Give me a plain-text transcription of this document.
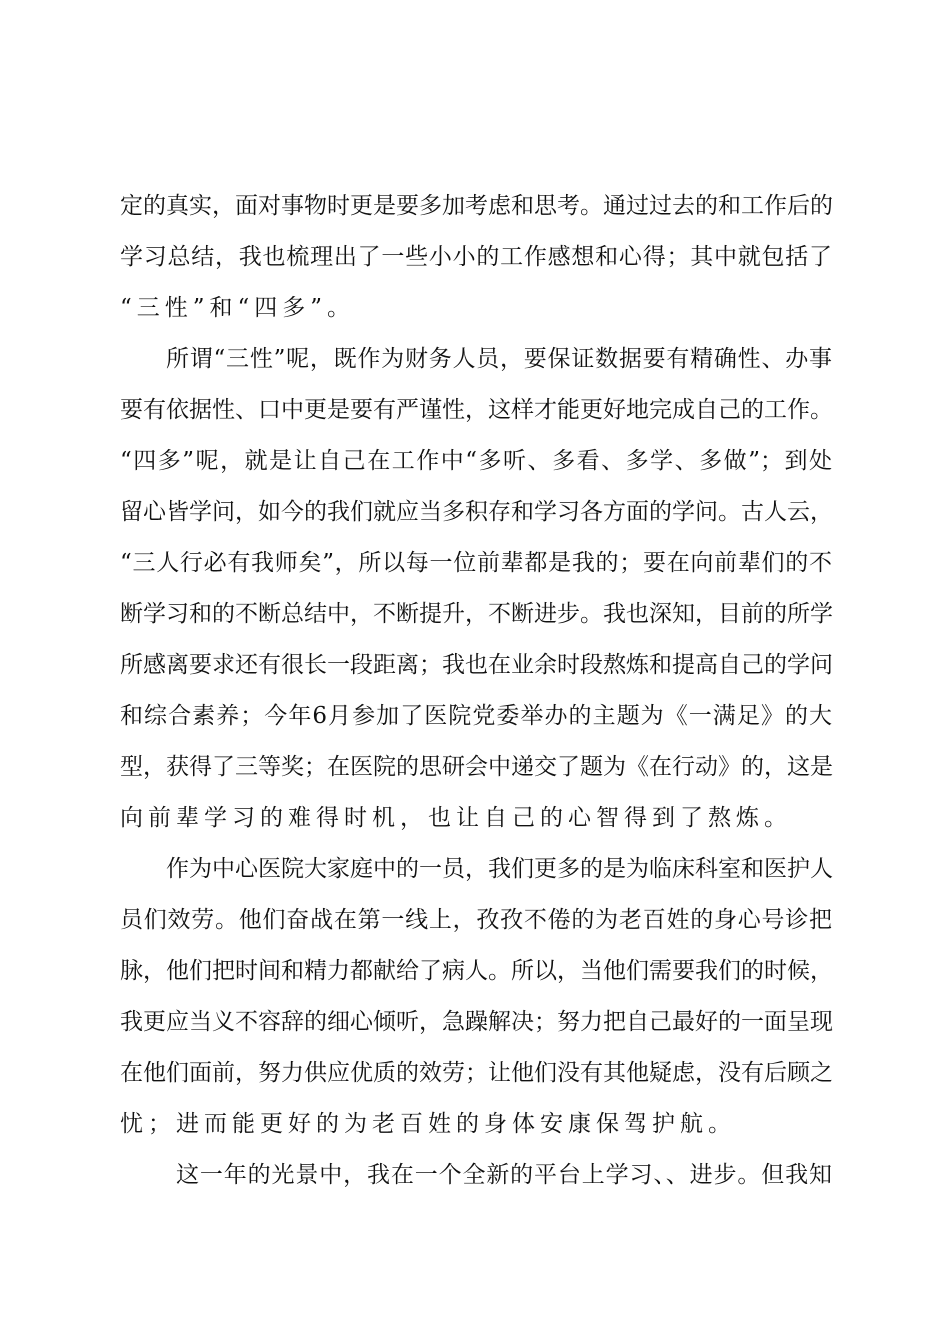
定的真实，面对事物时更是要多加考虑和思考。通过过去的和工作后的
学习总结，我也梳理出了一些小小的工作感想和心得；其中就包括了
“三性”和“四多”。
所谓“三性”呢，既作为财务人员，要保证数据要有精确性、办事
要有依据性、口中更是要有严谨性，这样才能更好地完成自己的工作。
“四多”呢，就是让自己在工作中“多听、多看、多学、多做”；到处
留心皆学问，如今的我们就应当多积存和学习各方面的学问。古人云，
“三人行必有我师矣”，所以每一位前辈都是我的；要在向前辈们的不
断学习和的不断总结中，不断提升，不断进步。我也深知，目前的所学
所感离要求还有很长一段距离；我也在业余时段熬炼和提高自己的学问
和综合素养；今年6月参加了医院党委举办的主题为《一满足》的大
型，获得了三等奖；在医院的思研会中递交了题为《在行动》的，这是
向前辈学习的难得时机，也让自己的心智得到了熬炼。
作为中心医院大家庭中的一员，我们更多的是为临床科室和医护人
员们效劳。他们奋战在第一线上，孜孜不倦的为老百姓的身心号诊把
脉，他们把时间和精力都献给了病人。所以，当他们需要我们的时候，
我更应当义不容辞的细心倾听，急躁解决；努力把自己最好的一面呈现
在他们面前，努力供应优质的效劳；让他们没有其他疑虑，没有后顾之
忧；进而能更好的为老百姓的身体安康保驾护航。
这一年的光景中，我在一个全新的平台上学习、、进步。但我知
